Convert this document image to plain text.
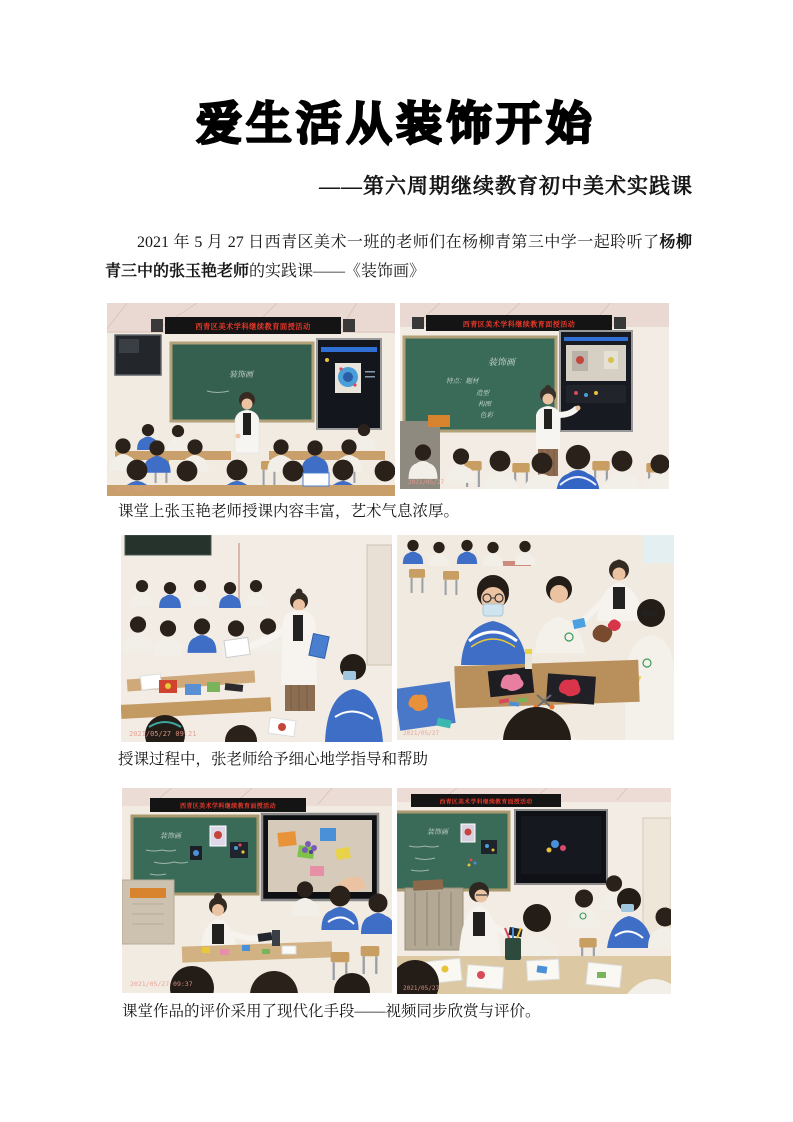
爱生活从装饰开始
——第六周期继续教育初中美术实践课

2021 年 5 月 27 日西青区美术一班的老师们在杨柳青第三中学一起聆听了杨柳青三中的张玉艳老师的实践课——《装饰画》

西青区美术学科继续教育面授活动
装饰画
2021/05/27
西青区美术学科继续教育面授活动
装饰画
特点：题材
造型
构图
色彩
2021/05/27

课堂上张玉艳老师授课内容丰富，艺术气息浓厚。

2021/05/27 09:21	2021/05/27

授课过程中，张老师给予细心地学指导和帮助

西青区美术学科继续教育面授活动
装饰画
2021/05/27 09:37
西青区美术学科继续教育面授活动
装饰画
2021/05/27

课堂作品的评价采用了现代化手段——视频同步欣赏与评价。
